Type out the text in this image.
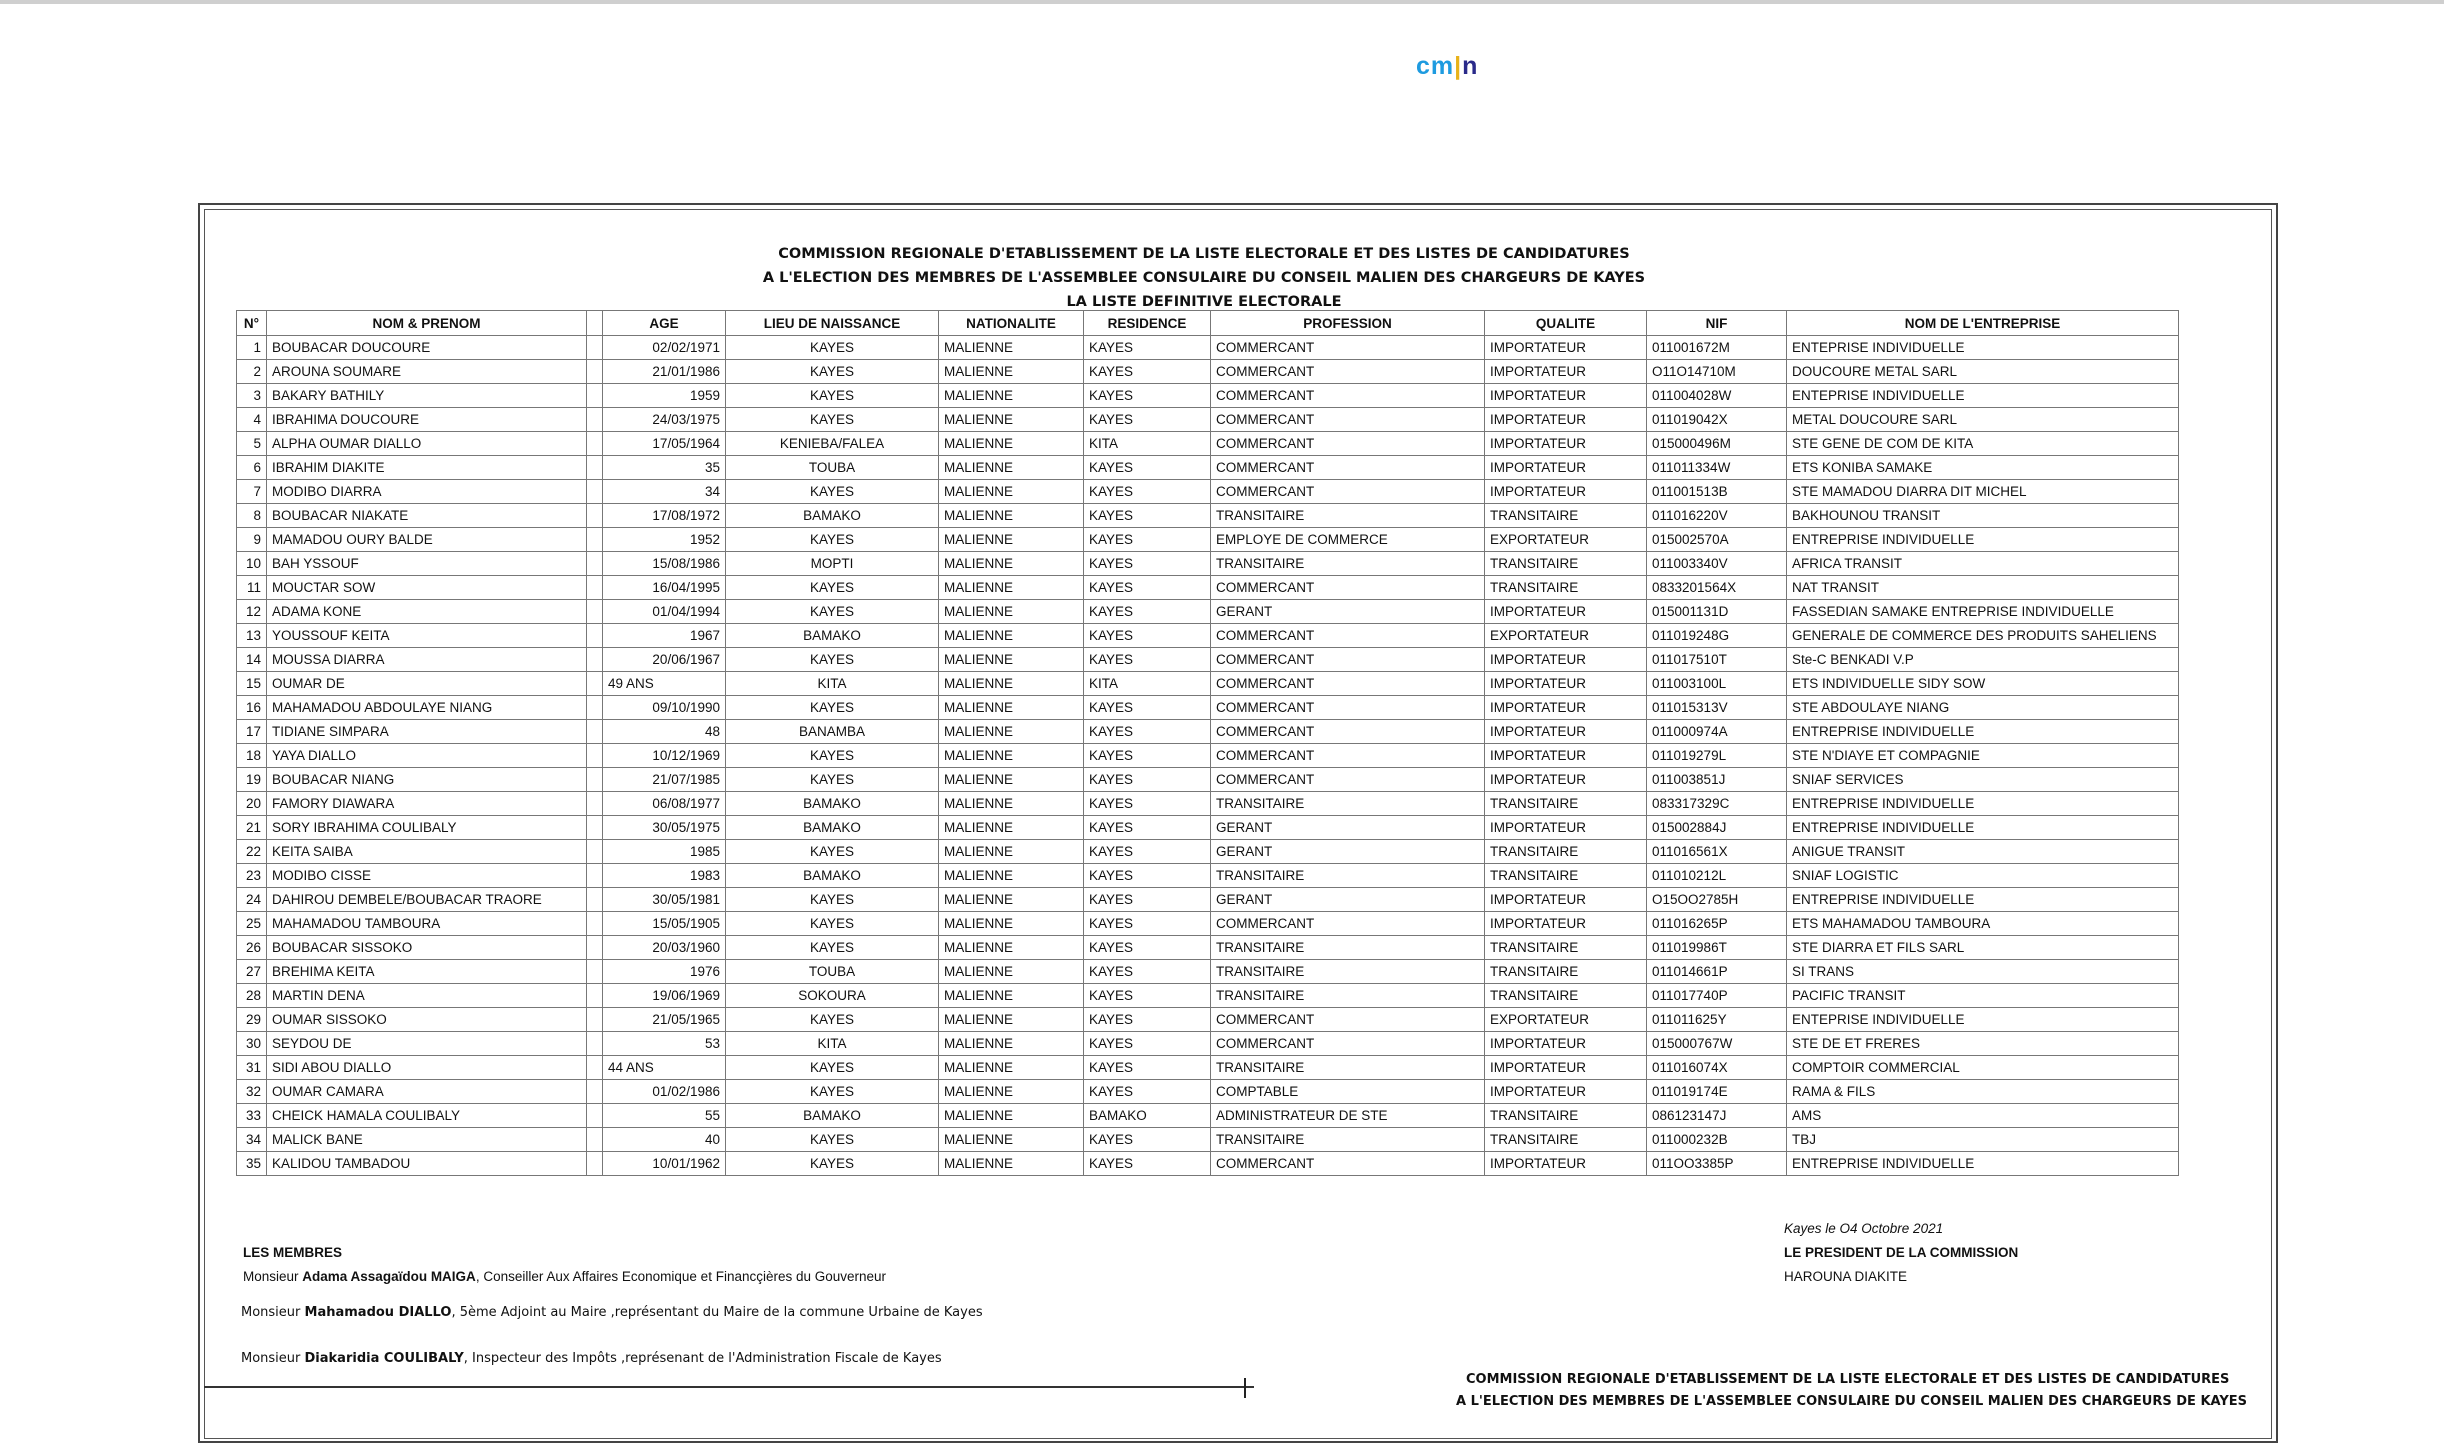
cm|n
COMMISSION REGIONALE D'ETABLISSEMENT DE LA LISTE ELECTORALE ET DES LISTES DE CANDIDATURES
A L'ELECTION DES MEMBRES DE L'ASSEMBLEE CONSULAIRE DU CONSEIL MALIEN DES CHARGEURS DE KAYES
LA LISTE DEFINITIVE ELECTORALE
N°	NOM & PRENOM		AGE	LIEU DE NAISSANCE	NATIONALITE	RESIDENCE	PROFESSION	QUALITE	NIF	NOM DE L'ENTREPRISE
1	BOUBACAR DOUCOURE		02/02/1971	KAYES	MALIENNE	KAYES	COMMERCANT	IMPORTATEUR	011001672M	ENTEPRISE INDIVIDUELLE
2	AROUNA SOUMARE		21/01/1986	KAYES	MALIENNE	KAYES	COMMERCANT	IMPORTATEUR	O11O14710M	DOUCOURE METAL SARL
3	BAKARY BATHILY		1959	KAYES	MALIENNE	KAYES	COMMERCANT	IMPORTATEUR	011004028W	ENTEPRISE INDIVIDUELLE
4	IBRAHIMA DOUCOURE		24/03/1975	KAYES	MALIENNE	KAYES	COMMERCANT	IMPORTATEUR	011019042X	METAL DOUCOURE SARL
5	ALPHA OUMAR DIALLO		17/05/1964	KENIEBA/FALEA	MALIENNE	KITA	COMMERCANT	IMPORTATEUR	015000496M	STE GENE DE COM DE KITA
6	IBRAHIM DIAKITE		35	TOUBA	MALIENNE	KAYES	COMMERCANT	IMPORTATEUR	011011334W	ETS KONIBA SAMAKE
7	MODIBO DIARRA		34	KAYES	MALIENNE	KAYES	COMMERCANT	IMPORTATEUR	011001513B	STE MAMADOU DIARRA DIT MICHEL
8	BOUBACAR NIAKATE		17/08/1972	BAMAKO	MALIENNE	KAYES	TRANSITAIRE	TRANSITAIRE	011016220V	BAKHOUNOU TRANSIT
9	MAMADOU OURY BALDE		1952	KAYES	MALIENNE	KAYES	EMPLOYE DE COMMERCE	EXPORTATEUR	015002570A	ENTREPRISE INDIVIDUELLE
10	BAH YSSOUF		15/08/1986	MOPTI	MALIENNE	KAYES	TRANSITAIRE	TRANSITAIRE	011003340V	AFRICA TRANSIT
11	MOUCTAR SOW		16/04/1995	KAYES	MALIENNE	KAYES	COMMERCANT	TRANSITAIRE	0833201564X	NAT TRANSIT
12	ADAMA KONE		01/04/1994	KAYES	MALIENNE	KAYES	GERANT	IMPORTATEUR	015001131D	FASSEDIAN SAMAKE ENTREPRISE INDIVIDUELLE
13	YOUSSOUF KEITA		1967	BAMAKO	MALIENNE	KAYES	COMMERCANT	EXPORTATEUR	011019248G	GENERALE DE COMMERCE DES PRODUITS SAHELIENS
14	MOUSSA DIARRA		20/06/1967	KAYES	MALIENNE	KAYES	COMMERCANT	IMPORTATEUR	011017510T	Ste-C BENKADI V.P
15	OUMAR DE		49 ANS	KITA	MALIENNE	KITA	COMMERCANT	IMPORTATEUR	011003100L	ETS INDIVIDUELLE SIDY SOW
16	MAHAMADOU ABDOULAYE NIANG		09/10/1990	KAYES	MALIENNE	KAYES	COMMERCANT	IMPORTATEUR	011015313V	STE ABDOULAYE NIANG
17	TIDIANE SIMPARA		48	BANAMBA	MALIENNE	KAYES	COMMERCANT	IMPORTATEUR	011000974A	ENTREPRISE INDIVIDUELLE
18	YAYA DIALLO		10/12/1969	KAYES	MALIENNE	KAYES	COMMERCANT	IMPORTATEUR	011019279L	STE N'DIAYE ET COMPAGNIE
19	BOUBACAR NIANG		21/07/1985	KAYES	MALIENNE	KAYES	COMMERCANT	IMPORTATEUR	011003851J	SNIAF SERVICES
20	FAMORY DIAWARA		06/08/1977	BAMAKO	MALIENNE	KAYES	TRANSITAIRE	TRANSITAIRE	083317329C	ENTREPRISE INDIVIDUELLE
21	SORY IBRAHIMA COULIBALY		30/05/1975	BAMAKO	MALIENNE	KAYES	GERANT	IMPORTATEUR	015002884J	ENTREPRISE INDIVIDUELLE
22	KEITA SAIBA		1985	KAYES	MALIENNE	KAYES	GERANT	TRANSITAIRE	011016561X	ANIGUE TRANSIT
23	MODIBO CISSE		1983	BAMAKO	MALIENNE	KAYES	TRANSITAIRE	TRANSITAIRE	011010212L	SNIAF LOGISTIC
24	DAHIROU DEMBELE/BOUBACAR TRAORE		30/05/1981	KAYES	MALIENNE	KAYES	GERANT	IMPORTATEUR	O15OO2785H	ENTREPRISE INDIVIDUELLE
25	MAHAMADOU TAMBOURA		15/05/1905	KAYES	MALIENNE	KAYES	COMMERCANT	IMPORTATEUR	011016265P	ETS MAHAMADOU TAMBOURA
26	BOUBACAR SISSOKO		20/03/1960	KAYES	MALIENNE	KAYES	TRANSITAIRE	TRANSITAIRE	011019986T	STE DIARRA ET FILS SARL
27	BREHIMA KEITA		1976	TOUBA	MALIENNE	KAYES	TRANSITAIRE	TRANSITAIRE	011014661P	SI TRANS
28	MARTIN DENA		19/06/1969	SOKOURA	MALIENNE	KAYES	TRANSITAIRE	TRANSITAIRE	011017740P	PACIFIC TRANSIT
29	OUMAR SISSOKO		21/05/1965	KAYES	MALIENNE	KAYES	COMMERCANT	EXPORTATEUR	011011625Y	ENTEPRISE INDIVIDUELLE
30	SEYDOU DE		53	KITA	MALIENNE	KAYES	COMMERCANT	IMPORTATEUR	015000767W	STE DE ET FRERES
31	SIDI ABOU DIALLO		44 ANS	KAYES	MALIENNE	KAYES	TRANSITAIRE	IMPORTATEUR	011016074X	COMPTOIR COMMERCIAL
32	OUMAR CAMARA		01/02/1986	KAYES	MALIENNE	KAYES	COMPTABLE	IMPORTATEUR	011019174E	RAMA & FILS
33	CHEICK HAMALA COULIBALY		55	BAMAKO	MALIENNE	BAMAKO	ADMINISTRATEUR DE STE	TRANSITAIRE	086123147J	AMS
34	MALICK BANE		40	KAYES	MALIENNE	KAYES	TRANSITAIRE	TRANSITAIRE	011000232B	TBJ
35	KALIDOU TAMBADOU		10/01/1962	KAYES	MALIENNE	KAYES	COMMERCANT	IMPORTATEUR	011OO3385P	ENTREPRISE INDIVIDUELLE
Kayes le O4 Octobre 2021
LES MEMBRES	LE PRESIDENT DE LA COMMISSION
HAROUNA DIAKITE
Monsieur Adama Assagaïdou MAIGA, Conseiller Aux Affaires Economique et Financçières du Gouverneur
Monsieur Mahamadou DIALLO, 5ème Adjoint au Maire ,représentant du Maire de la commune Urbaine de Kayes
Monsieur Diakaridia COULIBALY, Inspecteur des Impôts ,représenant de l'Administration Fiscale de Kayes
COMMISSION REGIONALE D'ETABLISSEMENT DE LA LISTE ELECTORALE ET DES LISTES DE CANDIDATURES
A L'ELECTION DES MEMBRES DE L'ASSEMBLEE CONSULAIRE DU CONSEIL MALIEN DES CHARGEURS DE KAYES
